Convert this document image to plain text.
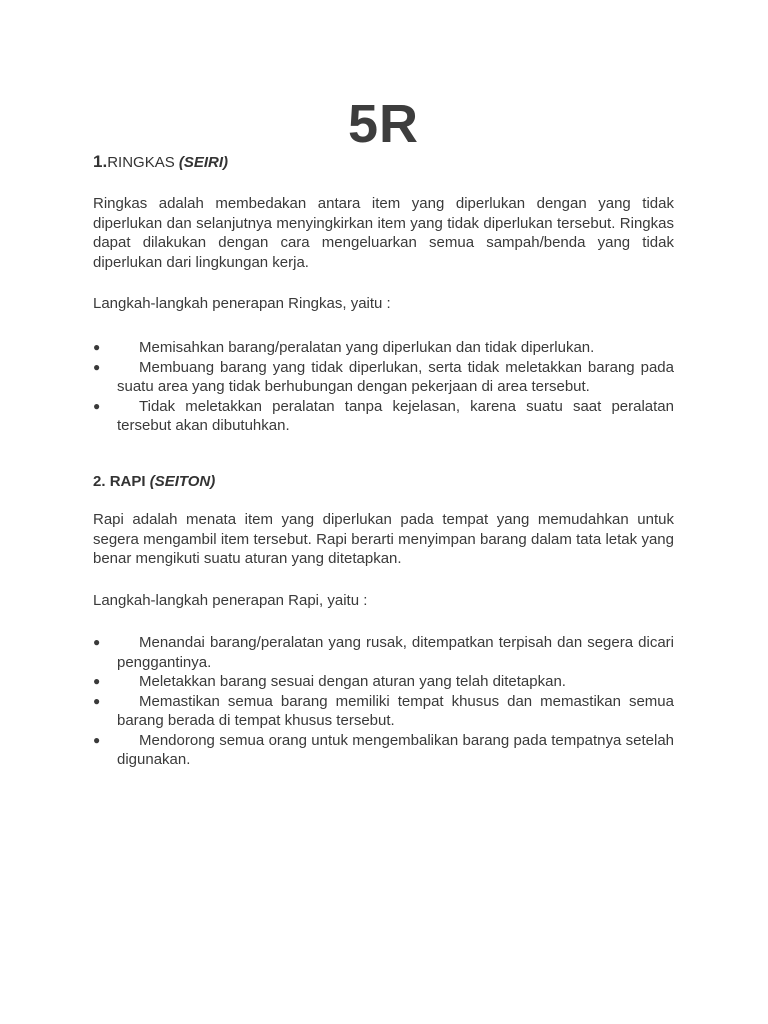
5R
1.RINGKAS (SEIRI)

Ringkas adalah membedakan antara item yang diperlukan dengan yang tidak diperlukan dan selanjutnya menyingkirkan item yang tidak diperlukan tersebut. Ringkas dapat dilakukan dengan cara mengeluarkan semua sampah/benda yang tidak diperlukan dari lingkungan kerja.

Langkah-langkah penerapan Ringkas, yaitu :

●	Memisahkan barang/peralatan yang diperlukan dan tidak diperlukan.
●	Membuang barang yang tidak diperlukan, serta tidak meletakkan barang pada suatu area yang tidak berhubungan dengan pekerjaan di area tersebut.
●	Tidak meletakkan peralatan tanpa kejelasan, karena suatu saat peralatan tersebut akan dibutuhkan.
2. RAPI (SEITON)

Rapi adalah menata item yang diperlukan pada tempat yang memudahkan untuk segera mengambil item tersebut. Rapi berarti menyimpan barang dalam tata letak yang benar mengikuti suatu aturan yang ditetapkan.

Langkah-langkah penerapan Rapi, yaitu :

●	Menandai barang/peralatan yang rusak, ditempatkan terpisah dan segera dicari penggantinya.
●	Meletakkan barang sesuai dengan aturan yang telah ditetapkan.
●	Memastikan semua barang memiliki tempat khusus dan memastikan semua barang berada di tempat khusus tersebut.
●	Mendorong semua orang untuk mengembalikan barang pada tempatnya setelah digunakan.
